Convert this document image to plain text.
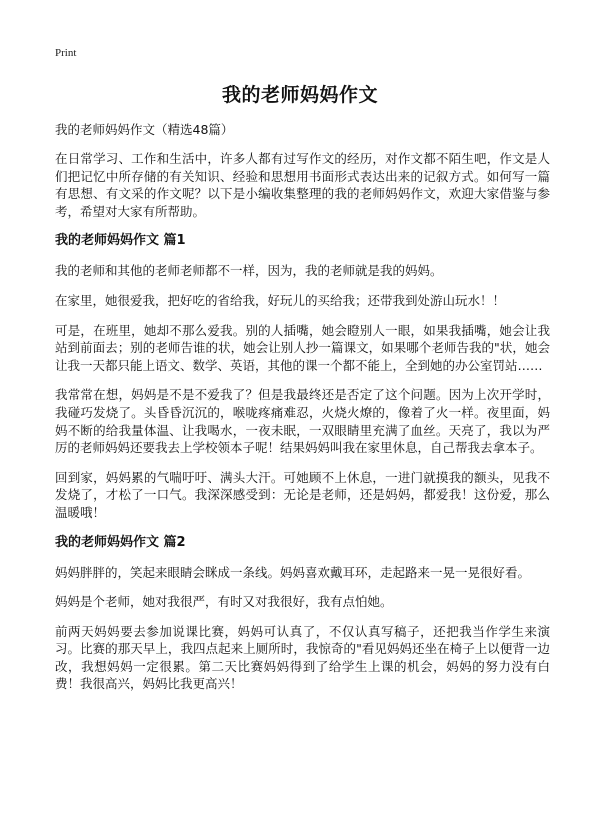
Print
我的老师妈妈作文
我的老师妈妈作文（精选48篇）

在日常学习、工作和生活中，许多人都有过写作文的经历，对作文都不陌生吧，作文是人们把记忆中所存储的有关知识、经验和思想用书面形式表达出来的记叙方式。如何写一篇有思想、有文采的作文呢？以下是小编收集整理的我的老师妈妈作文，欢迎大家借鉴与参考，希望对大家有所帮助。

我的老师妈妈作文 篇1

我的老师和其他的老师老师都不一样，因为，我的老师就是我的妈妈。

在家里，她很爱我，把好吃的省给我，好玩儿的买给我；还带我到处游山玩水！！

可是，在班里，她却不那么爱我。别的人插嘴，她会瞪别人一眼，如果我插嘴，她会让我站到前面去；别的老师告谁的状，她会让别人抄一篇课文，如果哪个老师告我的"状，她会让我一天都只能上语文、数学、英语，其他的课一个都不能上，全到她的办公室罚站……

我常常在想，妈妈是不是不爱我了？但是我最终还是否定了这个问题。因为上次开学时，我碰巧发烧了。头昏昏沉沉的，喉咙疼痛难忍，火烧火燎的，像着了火一样。夜里面，妈妈不断的给我量体温、让我喝水，一夜未眠，一双眼睛里充满了血丝。天亮了，我以为严厉的老师妈妈还要我去上学校领本子呢！结果妈妈叫我在家里休息，自己帮我去拿本子。

回到家，妈妈累的气喘吁吁、满头大汗。可她顾不上休息，一进门就摸我的额头，见我不发烧了，才松了一口气。我深深感受到：无论是老师，还是妈妈，都爱我！这份爱，那么温暖哦！

我的老师妈妈作文 篇2

妈妈胖胖的，笑起来眼睛会眯成一条线。妈妈喜欢戴耳环，走起路来一晃一晃很好看。

妈妈是个老师，她对我很严，有时又对我很好，我有点怕她。

前两天妈妈要去参加说课比赛，妈妈可认真了，不仅认真写稿子，还把我当作学生来演习。比赛的那天早上，我四点起来上厕所时，我惊奇的"看见妈妈还坐在椅子上以便背一边改，我想妈妈一定很累。第二天比赛妈妈得到了给学生上课的机会，妈妈的努力没有白费！我很高兴，妈妈比我更高兴！
